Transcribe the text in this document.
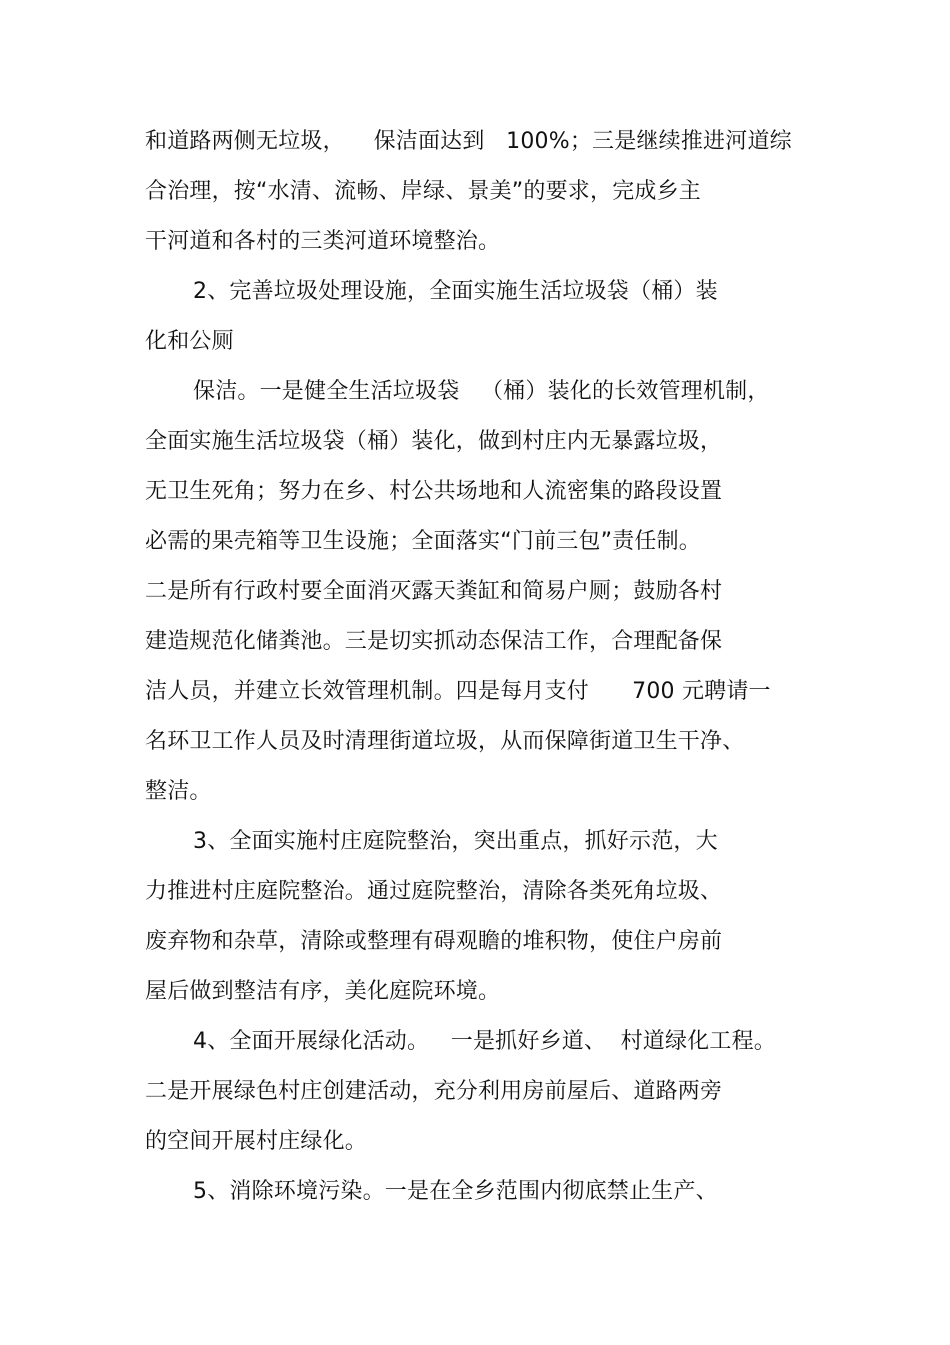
和道路两侧无垃圾，    保洁面达到   100%；三是继续推进河道综
合治理，按“水清、流畅、岸绿、景美”的要求，完成乡主
干河道和各村的三类河道环境整治。
2、完善垃圾处理设施，全面实施生活垃圾袋（桶）装
化和公厕
保洁。一是健全生活垃圾袋   （桶）装化的长效管理机制，
全面实施生活垃圾袋（桶）装化，做到村庄内无暴露垃圾，
无卫生死角；努力在乡、村公共场地和人流密集的路段设置
必需的果壳箱等卫生设施；全面落实“门前三包”责任制。
二是所有行政村要全面消灭露天粪缸和简易户厕；鼓励各村
建造规范化储粪池。三是切实抓动态保洁工作，合理配备保
洁人员，并建立长效管理机制。四是每月支付      700 元聘请一
名环卫工作人员及时清理街道垃圾，从而保障街道卫生干净、
整洁。
3、全面实施村庄庭院整治，突出重点，抓好示范，大
力推进村庄庭院整治。通过庭院整治，清除各类死角垃圾、
废弃物和杂草，清除或整理有碍观瞻的堆积物，使住户房前
屋后做到整洁有序，美化庭院环境。
4、全面开展绿化活动。   一是抓好乡道、  村道绿化工程。
二是开展绿色村庄创建活动，充分利用房前屋后、道路两旁
的空间开展村庄绿化。
5、消除环境污染。一是在全乡范围内彻底禁止生产、
